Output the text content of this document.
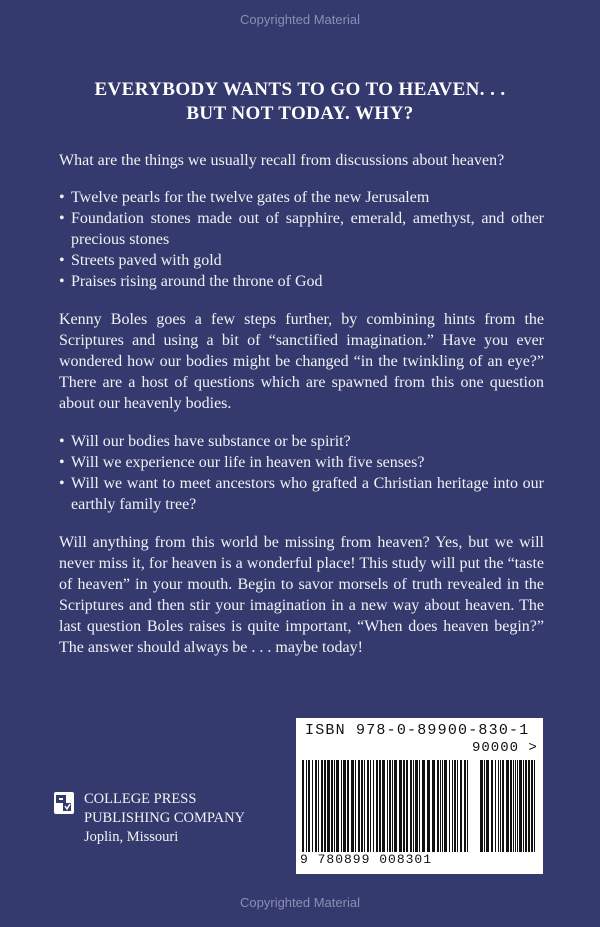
Copyrighted Material
EVERYBODY WANTS TO GO TO HEAVEN. . .
BUT NOT TODAY. WHY?

What are the things we usually recall from discussions about heaven?

• Twelve pearls for the twelve gates of the new Jerusalem
• Foundation stones made out of sapphire, emerald, amethyst, and other precious stones
• Streets paved with gold
• Praises rising around the throne of God

Kenny Boles goes a few steps further, by combining hints from the Scriptures and using a bit of “sanctified imagination.” Have you ever wondered how our bodies might be changed “in the twinkling of an eye?” There are a host of questions which are spawned from this one question about our heavenly bodies.

• Will our bodies have substance or be spirit?
• Will we experience our life in heaven with five senses?
• Will we want to meet ancestors who grafted a Christian heritage into our earthly family tree?

Will anything from this world be missing from heaven? Yes, but we will never miss it, for heaven is a wonderful place! This study will put the “taste of heaven” in your mouth. Begin to savor morsels of truth revealed in the Scriptures and then stir your imagination in a new way about heaven. The last question Boles raises is quite important, “When does heaven begin?” The answer should always be . . . maybe today!

COLLEGE PRESS
PUBLISHING COMPANY
Joplin, Missouri
ISBN 978-0-89900-830-1
90000 >
9 780899 008301
Copyrighted Material
